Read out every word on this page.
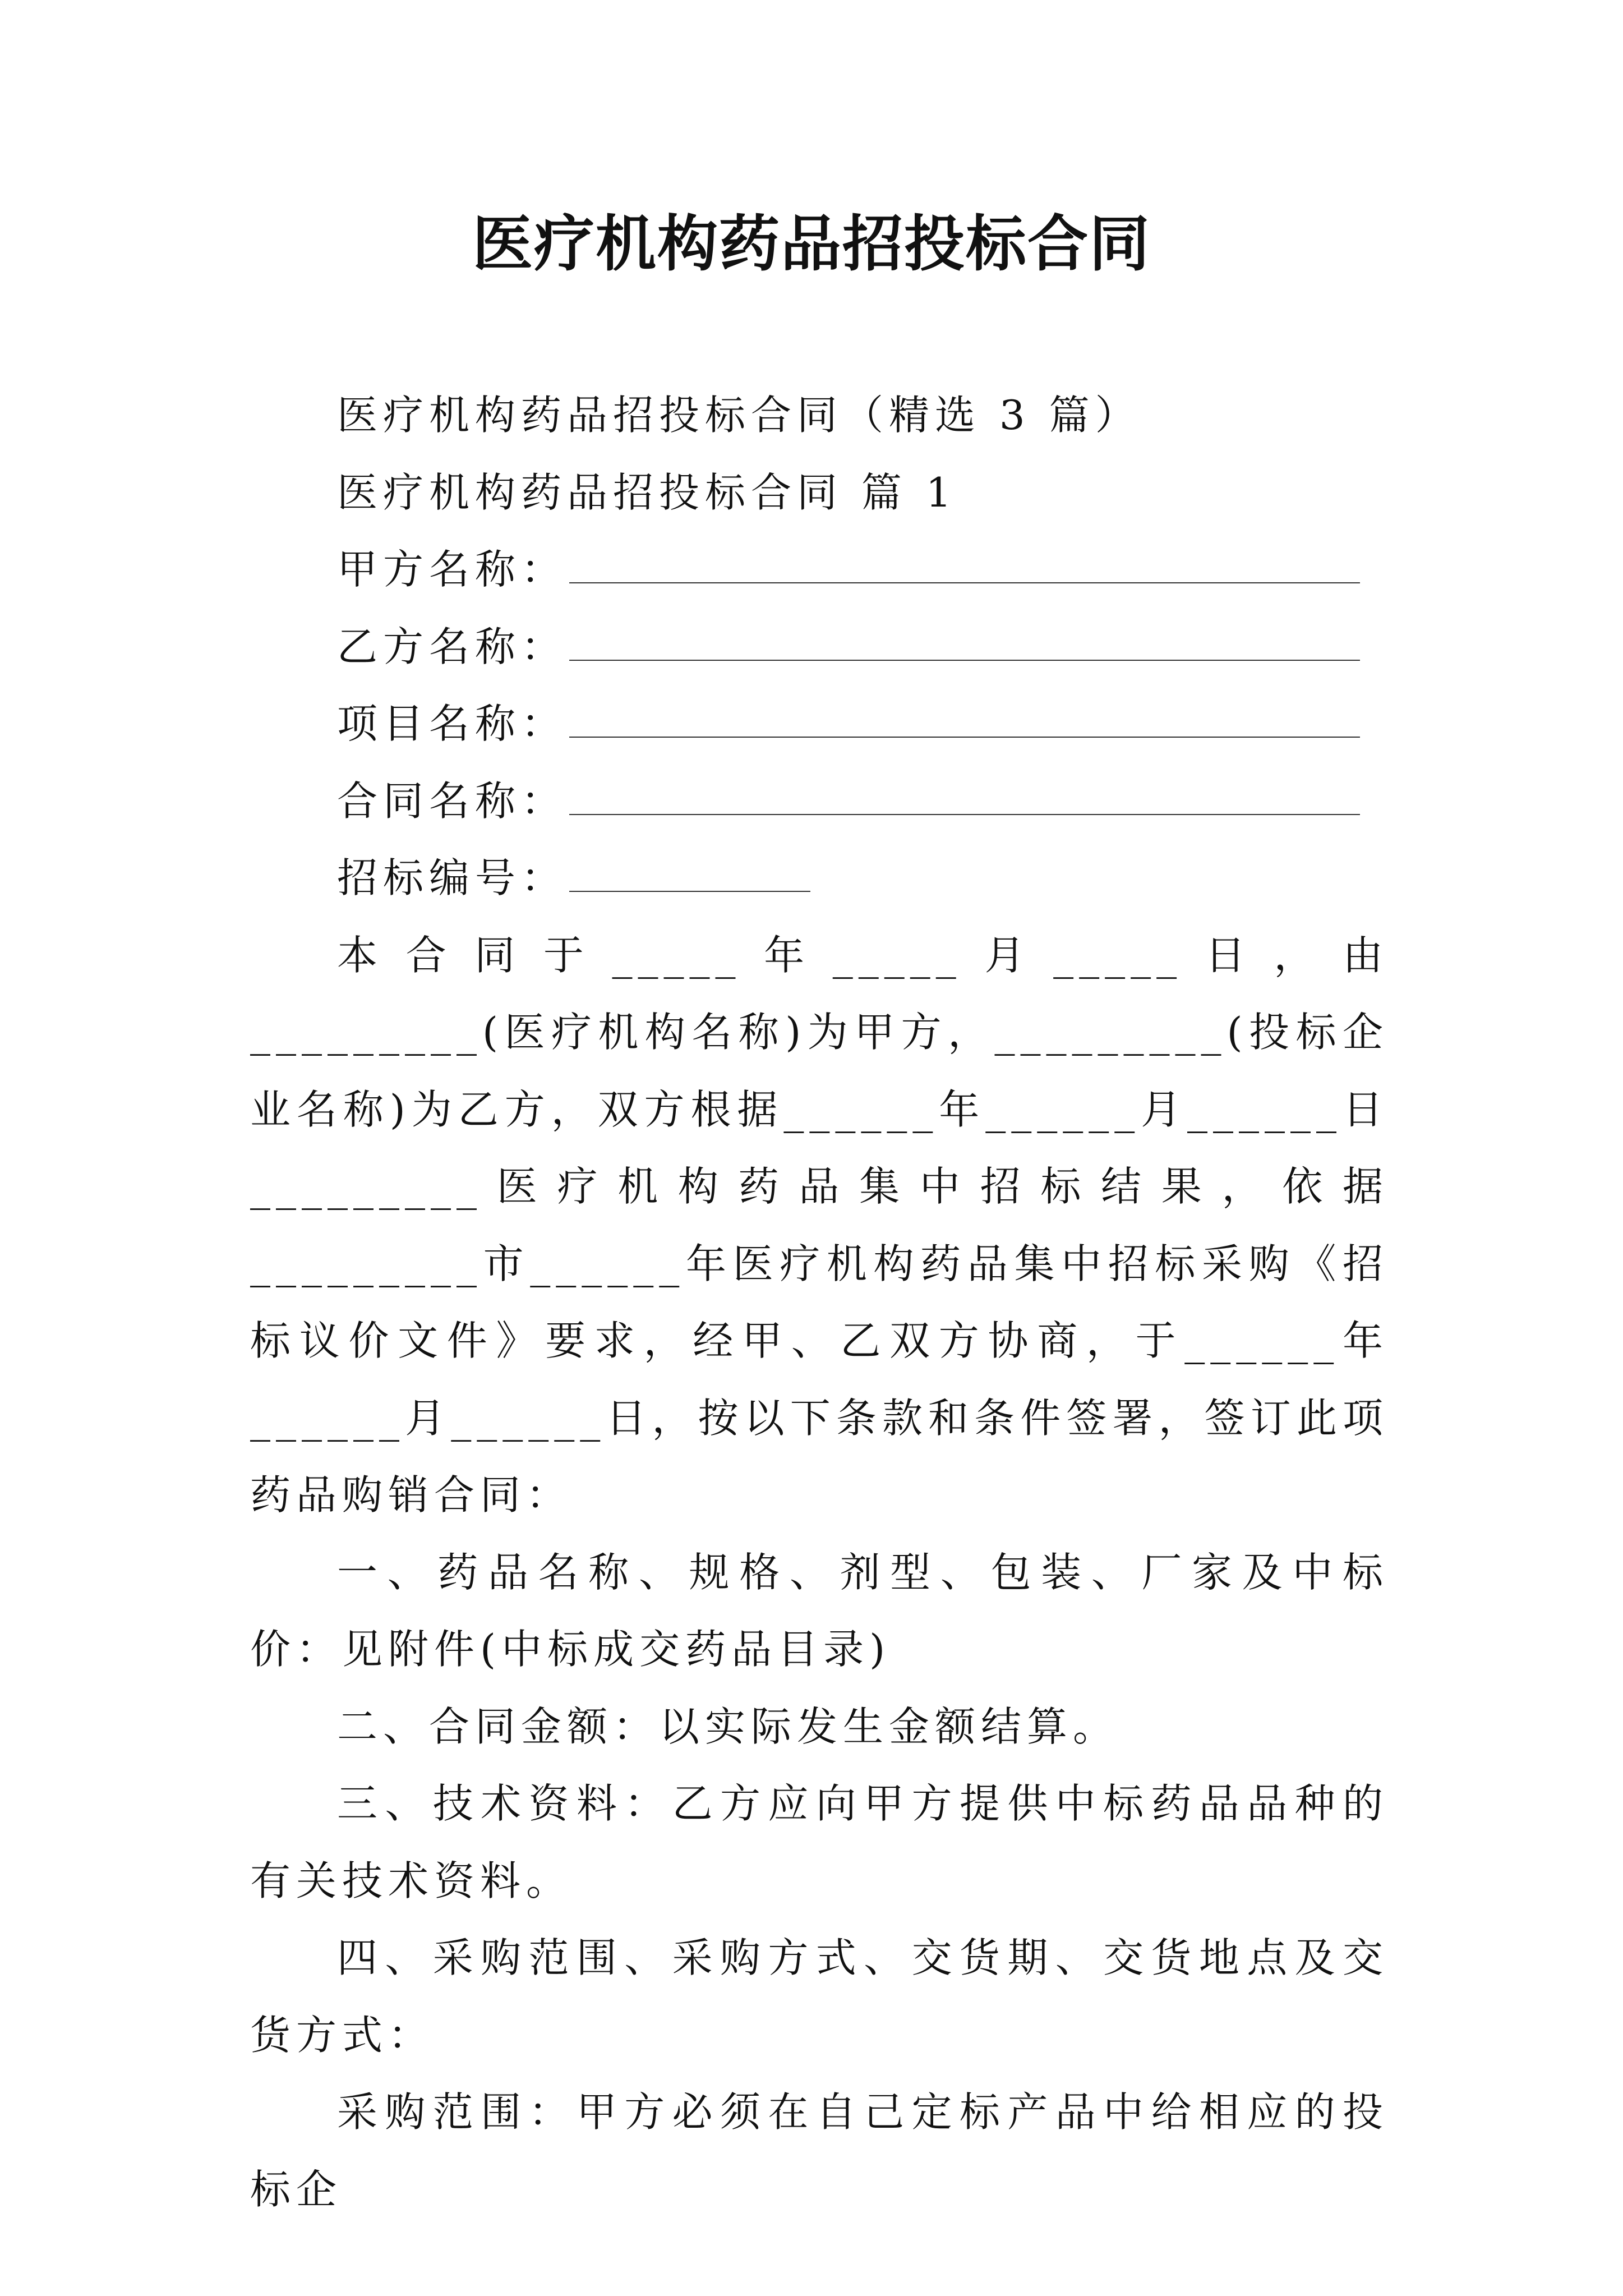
医疗机构药品招投标合同

医疗机构药品招投标合同（精选 3 篇）

医疗机构药品招投标合同 篇 1

甲方名称：

乙方名称：

项目名称：

合同名称：

招标编号：

本合同于_____年_____月_____日，由_________(医疗机构名称)为甲方，_________(投标企业名称)为乙方，双方根据______年______月______日_________医疗机构药品集中招标结果，依据_________市______年医疗机构药品集中招标采购《招标议价文件》要求，经甲、乙双方协商，于______年______月______日，按以下条款和条件签署，签订此项药品购销合同：

一、药品名称、规格、剂型、包装、厂家及中标价：见附件(中标成交药品目录)

二、合同金额：以实际发生金额结算。

三、技术资料：乙方应向甲方提供中标药品品种的有关技术资料。

四、采购范围、采购方式、交货期、交货地点及交货方式：

采购范围：甲方必须在自己定标产品中给相应的投标企
